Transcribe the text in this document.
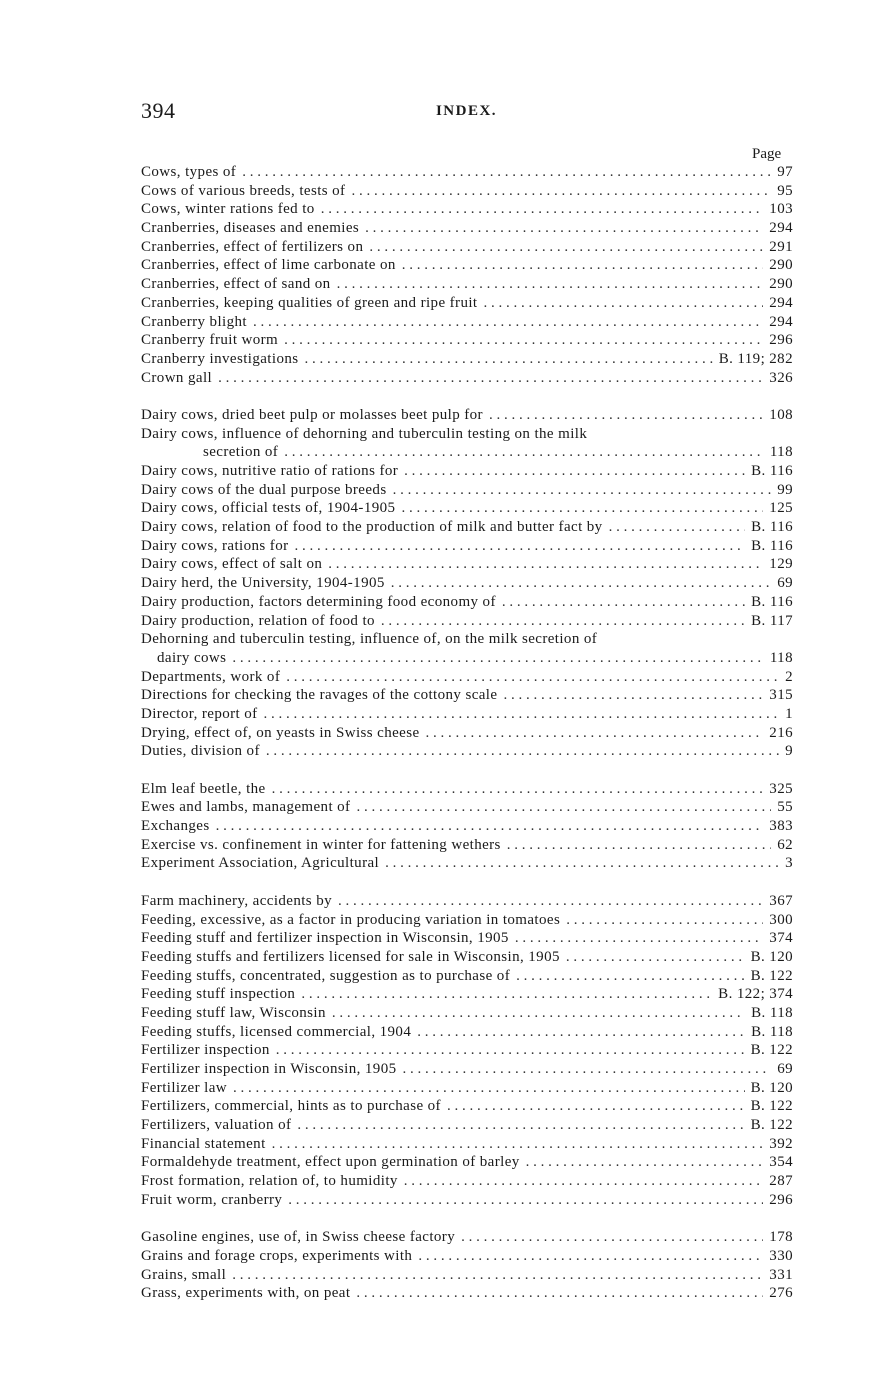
394	INDEX.
Page
Cows, types of . . .	97
Cows of various breeds, tests of . . .	95
Cows, winter rations fed to . . .	103
Cranberries, diseases and enemies . . .	294
Cranberries, effect of fertilizers on . . .	291
Cranberries, effect of lime carbonate on . . .	290
Cranberries, effect of sand on . . .	290
Cranberries, keeping qualities of green and ripe fruit . . .	294
Cranberry blight . . .	294
Cranberry fruit worm . . .	296
Cranberry investigations . . .	B. 119; 282
Crown gall . . .	326
Dairy cows, dried beet pulp or molasses beet pulp for . . .	108
Dairy cows, influence of dehorning and tuberculin testing on the milk
secretion of . . .	118
Dairy cows, nutritive ratio of rations for . . .	B. 116
Dairy cows of the dual purpose breeds . . .	99
Dairy cows, official tests of, 1904-1905 . . .	125
Dairy cows, relation of food to the production of milk and butter fact by . . .	B. 116
Dairy cows, rations for . . .	B. 116
Dairy cows, effect of salt on . . .	129
Dairy herd, the University, 1904-1905 . . .	69
Dairy production, factors determining food economy of . . .	B. 116
Dairy production, relation of food to . . .	B. 117
Dehorning and tuberculin testing, influence of, on the milk secretion of
dairy cows . . .	118
Departments, work of . . .	2
Directions for checking the ravages of the cottony scale . . .	315
Director, report of . . .	1
Drying, effect of, on yeasts in Swiss cheese . . .	216
Duties, division of . . .	9
Elm leaf beetle, the . . .	325
Ewes and lambs, management of . . .	55
Exchanges . . .	383
Exercise vs. confinement in winter for fattening wethers . . .	62
Experiment Association, Agricultural . . .	3
Farm machinery, accidents by . . .	367
Feeding, excessive, as a factor in producing variation in tomatoes . . .	300
Feeding stuff and fertilizer inspection in Wisconsin, 1905 . . .	374
Feeding stuffs and fertilizers licensed for sale in Wisconsin, 1905 . . .	B. 120
Feeding stuffs, concentrated, suggestion as to purchase of . . .	B. 122
Feeding stuff inspection . . .	B. 122; 374
Feeding stuff law, Wisconsin . . .	B. 118
Feeding stuffs, licensed commercial, 1904 . . .	B. 118
Fertilizer inspection . . .	B. 122
Fertilizer inspection in Wisconsin, 1905 . . .	69
Fertilizer law . . .	B. 120
Fertilizers, commercial, hints as to purchase of . . .	B. 122
Fertilizers, valuation of . . .	B. 122
Financial statement . . .	392
Formaldehyde treatment, effect upon germination of barley . . .	354
Frost formation, relation of, to humidity . . .	287
Fruit worm, cranberry . . .	296
Gasoline engines, use of, in Swiss cheese factory . . .	178
Grains and forage crops, experiments with . . .	330
Grains, small . . .	331
Grass, experiments with, on peat . . .	276
